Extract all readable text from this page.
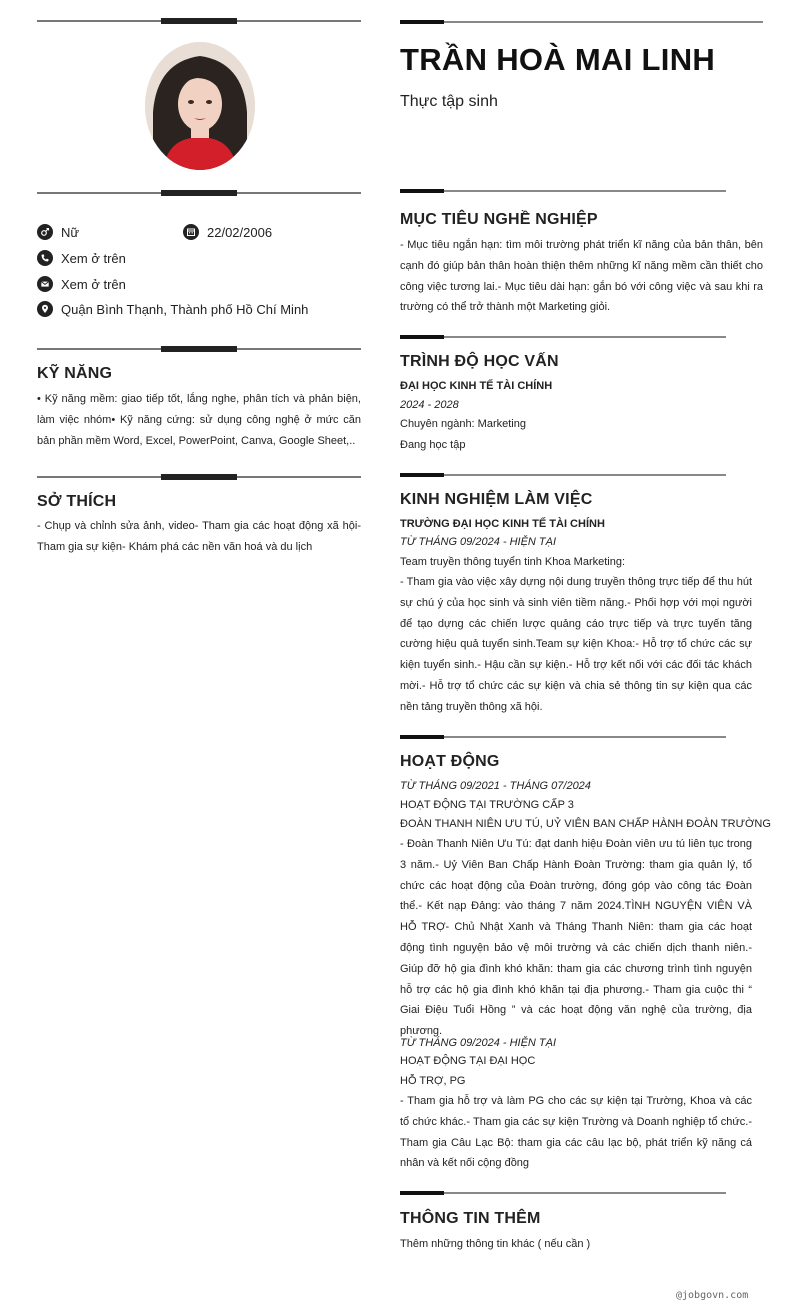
Nữ	22/02/2006
Xem ở trên
Xem ở trên
Quận Bình Thạnh, Thành phố Hồ Chí Minh
KỸ NĂNG
• Kỹ năng mềm: giao tiếp tốt, lắng nghe, phân tích và phản biện, làm việc nhóm• Kỹ năng cứng: sử dụng công nghệ ở mức căn bản phần mềm Word, Excel, PowerPoint, Canva, Google Sheet,..
SỞ THÍCH
- Chụp và chỉnh sửa ảnh, video- Tham gia các hoạt động xã hội- Tham gia sự kiện- Khám phá các nền văn hoá và du lịch
TRẦN HOÀ MAI LINH
Thực tập sinh
MỤC TIÊU NGHỀ NGHIỆP
- Mục tiêu ngắn hạn: tìm môi trường phát triển kĩ năng của bản thân, bên cạnh đó giúp bản thân hoàn thiện thêm những kĩ năng mềm cần thiết cho công việc tương lai.- Mục tiêu dài hạn: gắn bó với công việc và sau khi ra trường có thể trở thành một Marketing giỏi.
TRÌNH ĐỘ HỌC VẤN
ĐẠI HỌC KINH TẾ TÀI CHÍNH
2024 - 2028
Chuyên ngành: Marketing
Đang học tập
KINH NGHIỆM LÀM VIỆC
TRƯỜNG ĐẠI HỌC KINH TẾ TÀI CHÍNH
TỪ THÁNG 09/2024 - HIỆN TẠI
Team truyền thông tuyển tinh Khoa Marketing:
- Tham gia vào việc xây dựng nội dung truyền thông trực tiếp để thu hút sự chú ý của học sinh và sinh viên tiềm năng.- Phối hợp với mọi người để tạo dựng các chiến lược quảng cáo trực tiếp và trực tuyến tăng cường hiệu quả tuyển sinh.Team sự kiện Khoa:- Hỗ trợ tổ chức các sự kiện tuyển sinh.- Hậu cần sự kiện.- Hỗ trợ kết nối với các đối tác khách mời.- Hỗ trợ tổ chức các sự kiện và chia sẻ thông tin sự kiện qua các nền tảng truyền thông xã hội.
HOẠT ĐỘNG
TỪ THÁNG 09/2021 - THÁNG 07/2024
HOẠT ĐỘNG TẠI TRƯỜNG CẤP 3
ĐOÀN THANH NIÊN ƯU TÚ, UỶ VIÊN BAN CHẤP HÀNH ĐOÀN TRƯỜNG
- Đoàn Thanh Niên Ưu Tú: đạt danh hiệu Đoàn viên ưu tú liên tục trong 3 năm.- Uỷ Viên Ban Chấp Hành Đoàn Trường: tham gia quản lý, tổ chức các hoạt động của Đoàn trường, đóng góp vào công tác Đoàn thể.- Kết nạp Đảng: vào tháng 7 năm 2024.TÌNH NGUYỆN VIÊN VÀ HỖ TRỢ- Chủ Nhật Xanh và Tháng Thanh Niên: tham gia các hoạt động tình nguyện bảo vệ môi trường và các chiến dịch thanh niên.- Giúp đỡ hộ gia đình khó khăn: tham gia các chương trình tình nguyện hỗ trợ các hộ gia đình khó khăn tại địa phương.- Tham gia cuộc thi “ Giai Điệu Tuổi Hồng ” và các hoạt động văn nghệ của trường, địa phương.
TỪ THÁNG 09/2024 - HIỆN TẠI
HOẠT ĐỘNG TẠI ĐẠI HỌC
HỖ TRỢ, PG
- Tham gia hỗ trợ và làm PG cho các sự kiện tại Trường, Khoa và các tổ chức khác.- Tham gia các sự kiện Trường và Doanh nghiệp tổ chức.- Tham gia Câu Lạc Bộ: tham gia các câu lạc bộ, phát triển kỹ năng cá nhân và kết nối cộng đồng
THÔNG TIN THÊM
Thêm những thông tin khác ( nếu cần )
@jobgovn.com
